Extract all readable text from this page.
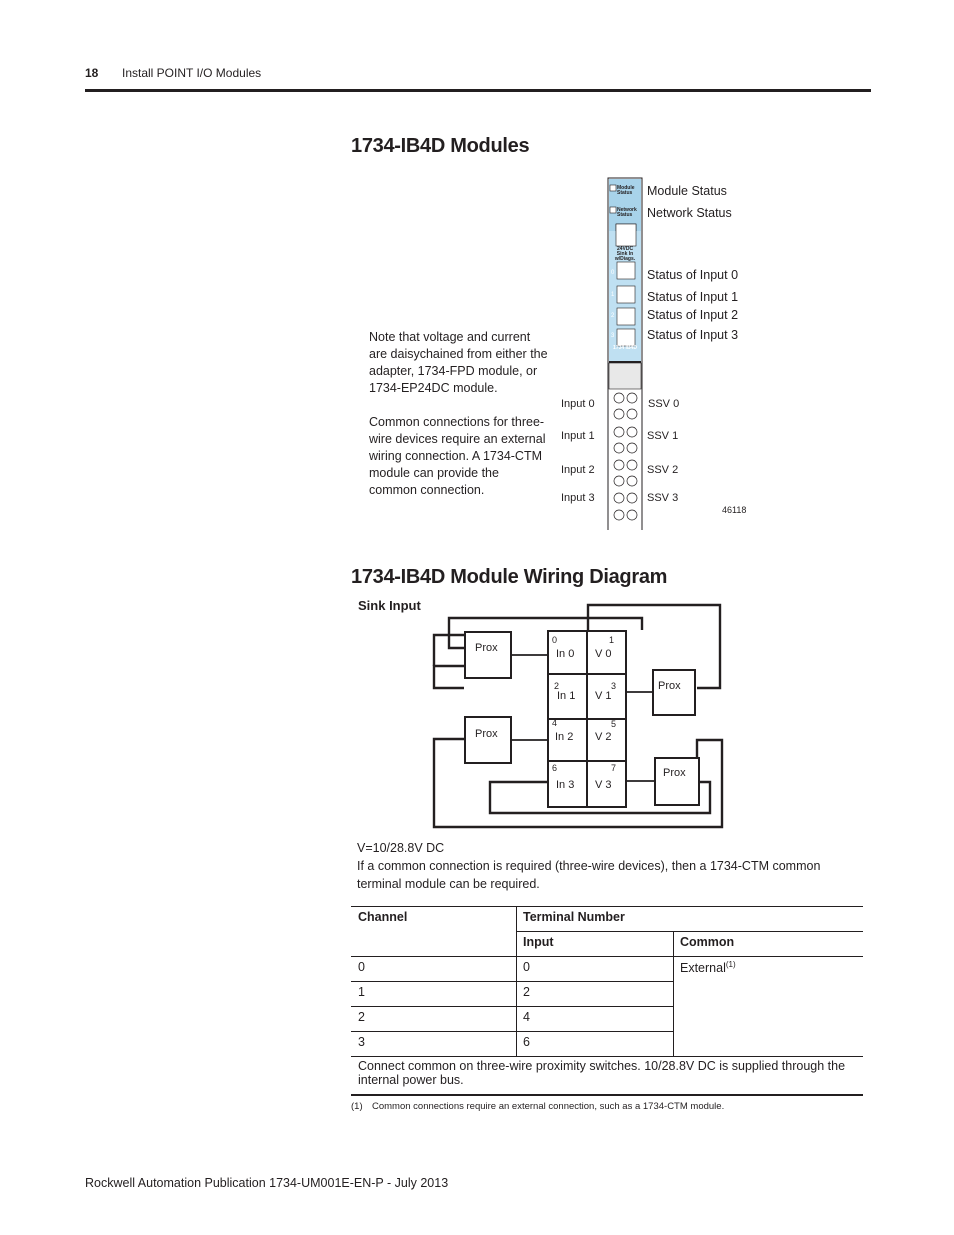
18 Install POINT I/O Modules
1734-IB4D Modules
Note that voltage and current are daisychained from either the adapter, 1734-FPD module, or 1734-EP24DC module.
Common connections for three-wire devices require an external wiring connection. A 1734-CTM module can provide the common connection.
Module Status
Network Status
24VDC Sink In w/Diags.
1734 IB4D
0
1
2
3
Module Status
Network Status
Status of Input 0
Status of Input 1
Status of Input 2
Status of Input 3
Input 0
Input 1
Input 2
Input 3
SSV 0
SSV 1
SSV 2
SSV 3
46118
1734-IB4D Module Wiring Diagram
Sink Input
Prox
Prox
Prox
Prox
0	1
In 0 V 0
2	3
In 1 V 1
4	5
In 2 V 2
6	7
In 3 V 3
V=10/28.8V DC
If a common connection is required (three-wire devices), then a 1734-CTM common terminal module can be required.
Channel	Terminal Number
Input	Common
0	0
1	2
2	4
3	6
External$^{(1)}$
Connect common on three-wire proximity switches. 10/28.8V DC is supplied through the internal power bus.
(1) Common connections require an external connection, such as a 1734-CTM module.
Rockwell Automation Publication 1734-UM001E-EN-P - July 2013
